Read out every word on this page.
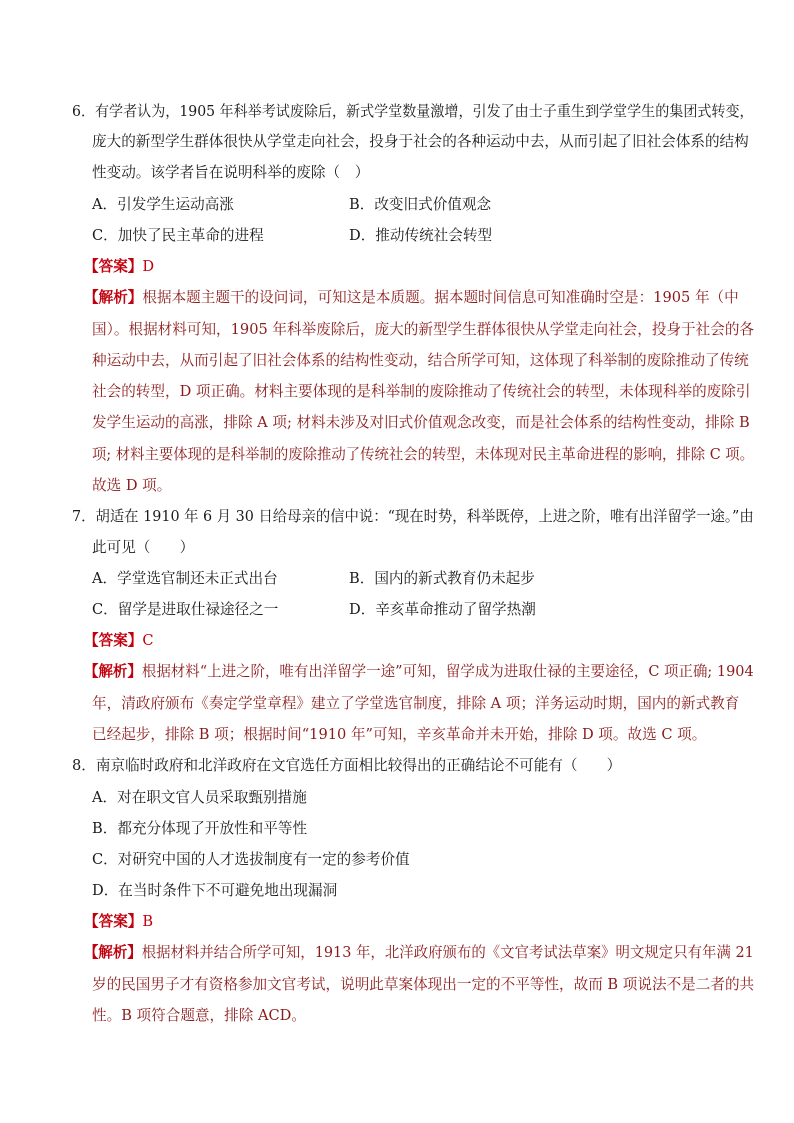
6．有学者认为，1905 年科举考试废除后，新式学堂数量激增，引发了由士子重生到学堂学生的集团式转变，
庞大的新型学生群体很快从学堂走向社会，投身于社会的各种运动中去，从而引起了旧社会体系的结构
性变动。该学者旨在说明科举的废除（　）
A．引发学生运动高涨	B．改变旧式价值观念
C．加快了民主革命的进程	D．推动传统社会转型
【答案】D
【解析】根据本题主题干的设问词，可知这是本质题。据本题时间信息可知准确时空是：1905 年（中
国）。根据材料可知，1905 年科举废除后，庞大的新型学生群体很快从学堂走向社会，投身于社会的各
种运动中去，从而引起了旧社会体系的结构性变动，结合所学可知，这体现了科举制的废除推动了传统
社会的转型，D 项正确。材料主要体现的是科举制的废除推动了传统社会的转型，未体现科举的废除引
发学生运动的高涨，排除 A 项; 材料未涉及对旧式价值观念改变，而是社会体系的结构性变动，排除 B
项; 材料主要体现的是科举制的废除推动了传统社会的转型，未体现对民主革命进程的影响，排除 C 项。
故选 D 项。
7．胡适在 1910 年 6 月 30 日给母亲的信中说：“现在时势，科举既停，上进之阶，唯有出洋留学一途。”由
此可见（　　）
A．学堂选官制还未正式出台	B．国内的新式教育仍未起步
C．留学是进取仕禄途径之一	D．辛亥革命推动了留学热潮
【答案】C
【解析】根据材料“上进之阶，唯有出洋留学一途”可知，留学成为进取仕禄的主要途径，C 项正确; 1904
年，清政府颁布《奏定学堂章程》建立了学堂选官制度，排除 A 项；洋务运动时期，国内的新式教育
已经起步，排除 B 项；根据时间“1910 年”可知，辛亥革命并未开始，排除 D 项。故选 C 项。
8．南京临时政府和北洋政府在文官选任方面相比较得出的正确结论不可能有（　　）
A．对在职文官人员采取甄别措施
B．都充分体现了开放性和平等性
C．对研究中国的人才选拔制度有一定的参考价值
D．在当时条件下不可避免地出现漏洞
【答案】B
【解析】根据材料并结合所学可知，1913 年，北洋政府颁布的《文官考试法草案》明文规定只有年满 21
岁的民国男子才有资格参加文官考试，说明此草案体现出一定的不平等性，故而 B 项说法不是二者的共
性。B 项符合题意，排除 ACD。
